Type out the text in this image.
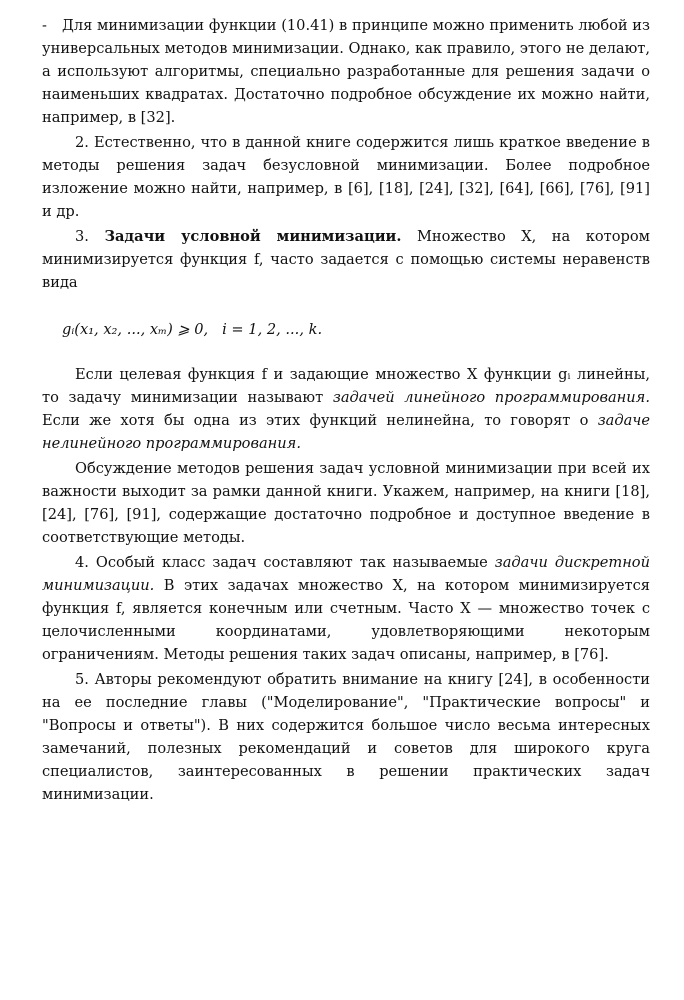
- Для минимизации функции (10.41) в принципе можно применить любой из универсальных методов минимизации. Однако, как правило, этого не делают, а используют алгоритмы, специально разработанные для решения задачи о наименьших квадратах. Достаточно подробное обсуждение их можно найти, например, в [32].

2. Естественно, что в данной книге содержится лишь краткое введение в методы решения задач безусловной минимизации. Более подробное изложение можно найти, например, в [6], [18], [24], [32], [64], [66], [76], [91] и др.

3. Задачи условной минимизации. Множество X, на котором минимизируется функция f, часто задается с помощью системы неравенств вида

gᵢ(x₁, x₂, ..., xₘ) ⩾ 0, i = 1, 2, ..., k.

Если целевая функция f и задающие множество X функции gᵢ линейны, то задачу минимизации называют задачей линейного программирования. Если же хотя бы одна из этих функций нелинейна, то говорят о задаче нелинейного программирования.

Обсуждение методов решения задач условной минимизации при всей их важности выходит за рамки данной книги. Укажем, например, на книги [18], [24], [76], [91], содержащие достаточно подробное и доступное введение в соответствующие методы.

4. Особый класс задач составляют так называемые задачи дискретной минимизации. В этих задачах множество X, на котором минимизируется функция f, является конечным или счетным. Часто X — множество точек с целочисленными координатами, удовлетворяющими некоторым ограничениям. Методы решения таких задач описаны, например, в [76].

5. Авторы рекомендуют обратить внимание на книгу [24], в особенности на ее последние главы ("Моделирование", "Практические вопросы" и "Вопросы и ответы"). В них содержится большое число весьма интересных замечаний, полезных рекомендаций и советов для широкого круга специалистов, заинтересованных в решении практических задач минимизации.
